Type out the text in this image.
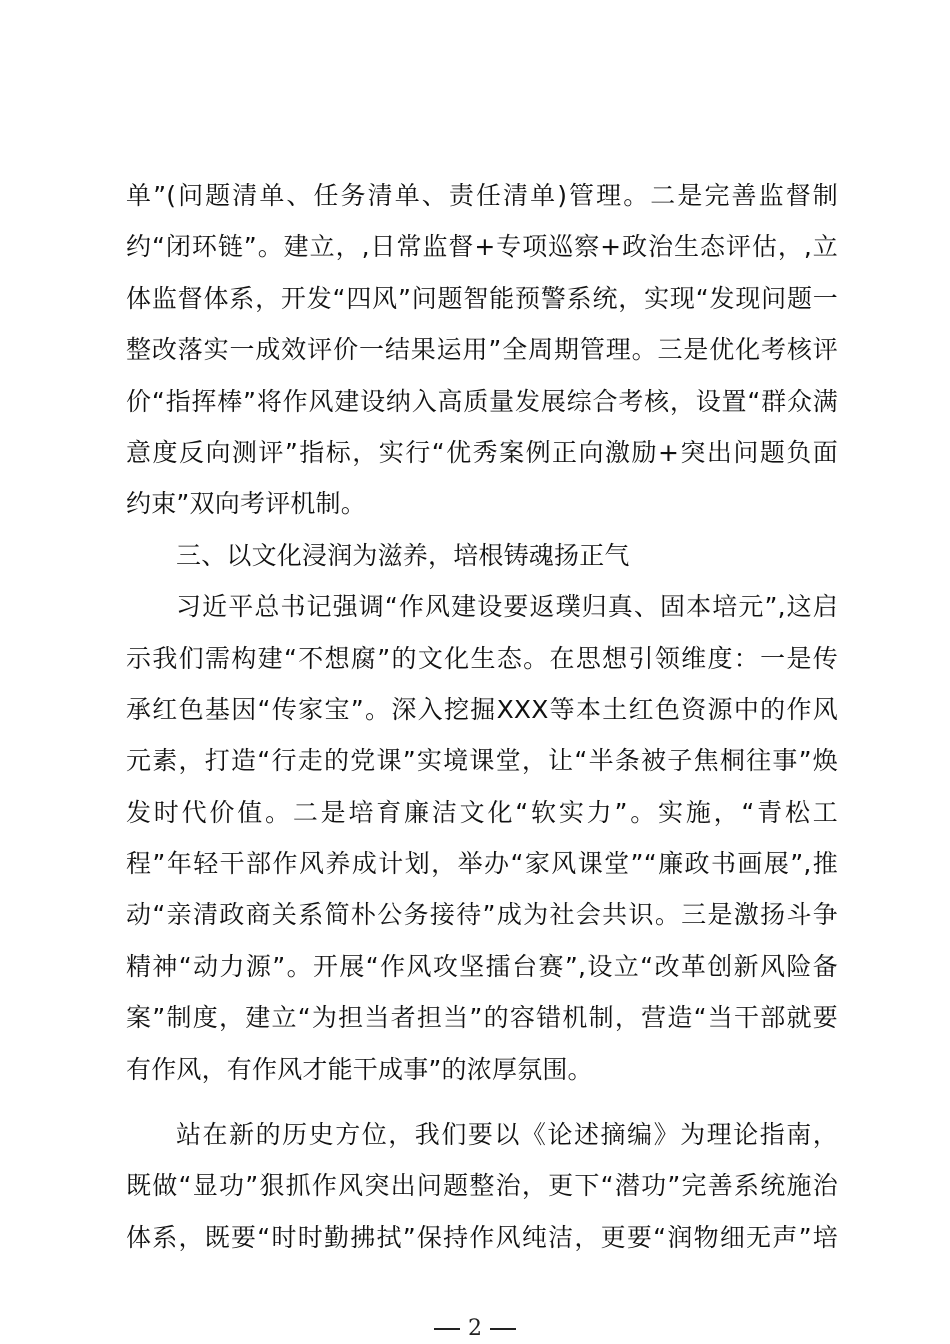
单”(问题清单、任务清单、责任清单)管理。二是完善监督制
约“闭环链”。建立，,日常监督+专项巡察+政治生态评估，,立
体监督体系，开发“四风”问题智能预警系统，实现“发现问题一
整改落实一成效评价一结果运用”全周期管理。三是优化考核评
价“指挥棒”将作风建设纳入高质量发展综合考核，设置“群众满
意度反向测评”指标，实行“优秀案例正向激励+突出问题负面
约束”双向考评机制。
三、以文化浸润为滋养，培根铸魂扬正气
习近平总书记强调“作风建设要返璞归真、固本培元”,这启
示我们需构建“不想腐”的文化生态。在思想引领维度：一是传
承红色基因“传家宝”。深入挖掘XXX等本土红色资源中的作风
元素，打造“行走的党课”实境课堂，让“半条被子焦桐往事”焕
发时代价值。二是培育廉洁文化“软实力”。实施，“青松工
程”年轻干部作风养成计划，举办“家风课堂”“廉政书画展”,推
动“亲清政商关系简朴公务接待”成为社会共识。三是激扬斗争
精神“动力源”。开展“作风攻坚擂台赛”,设立“改革创新风险备
案”制度，建立“为担当者担当”的容错机制，营造“当干部就要
有作风，有作风才能干成事”的浓厚氛围。
站在新的历史方位，我们要以《论述摘编》为理论指南，
既做“显功”狠抓作风突出问题整治，更下“潜功”完善系统施治
体系，既要“时时勤拂拭”保持作风纯洁，更要“润物细无声”培
2
